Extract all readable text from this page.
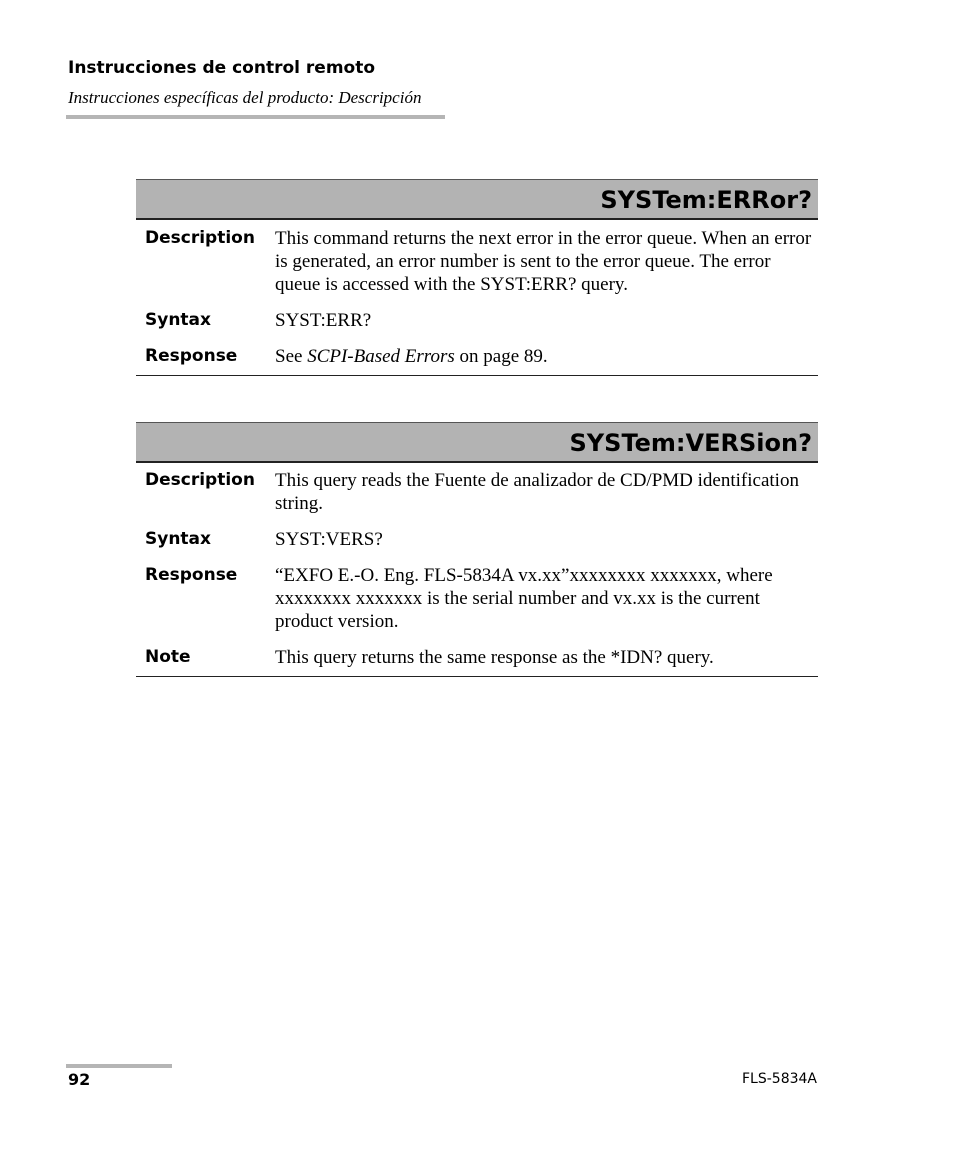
Instrucciones de control remoto
Instrucciones específicas del producto: Descripción
SYSTem:ERRor?
Description	This command returns the next error in the error queue. When an error is generated, an error number is sent to the error queue. The error queue is accessed with the SYST:ERR? query.
Syntax	SYST:ERR?
Response	See SCPI-Based Errors on page 89.
SYSTem:VERSion?
Description	This query reads the Fuente de analizador de CD/PMD identification string.
Syntax	SYST:VERS?
Response	“EXFO E.-O. Eng. FLS-5834A vx.xx”xxxxxxxx xxxxxxx, where xxxxxxxx xxxxxxx is the serial number and vx.xx is the current product version.
Note	This query returns the same response as the *IDN? query.
92	FLS-5834A
